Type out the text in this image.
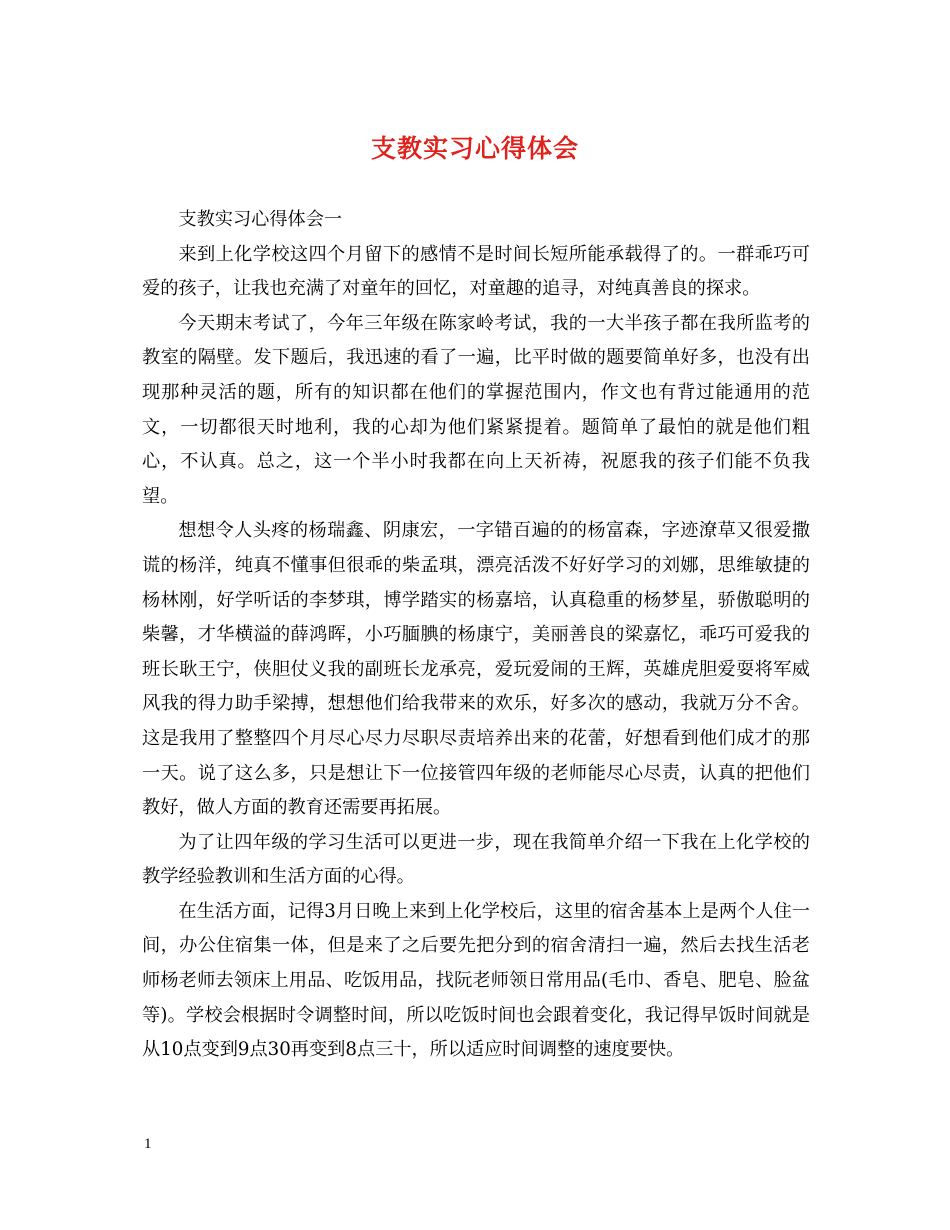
支教实习心得体会

支教实习心得体会一

来到上化学校这四个月留下的感情不是时间长短所能承载得了的。一群乖巧可爱的孩子，让我也充满了对童年的回忆，对童趣的追寻，对纯真善良的探求。

今天期末考试了，今年三年级在陈家岭考试，我的一大半孩子都在我所监考的教室的隔壁。发下题后，我迅速的看了一遍，比平时做的题要简单好多，也没有出现那种灵活的题，所有的知识都在他们的掌握范围内，作文也有背过能通用的范文，一切都很天时地利，我的心却为他们紧紧提着。题简单了最怕的就是他们粗心，不认真。总之，这一个半小时我都在向上天祈祷，祝愿我的孩子们能不负我望。

想想令人头疼的杨瑞鑫、阴康宏，一字错百遍的的杨富森，字迹潦草又很爱撒谎的杨洋，纯真不懂事但很乖的柴孟琪，漂亮活泼不好好学习的刘娜，思维敏捷的杨林刚，好学听话的李梦琪，博学踏实的杨嘉培，认真稳重的杨梦星，骄傲聪明的柴馨，才华横溢的薛鸿晖，小巧腼腆的杨康宁，美丽善良的梁嘉忆，乖巧可爱我的班长耿王宁，侠胆仗义我的副班长龙承亮，爱玩爱闹的王辉，英雄虎胆爱耍将军威风我的得力助手梁搏，想想他们给我带来的欢乐，好多次的感动，我就万分不舍。这是我用了整整四个月尽心尽力尽职尽责培养出来的花蕾，好想看到他们成才的那一天。说了这么多，只是想让下一位接管四年级的老师能尽心尽责，认真的把他们教好，做人方面的教育还需要再拓展。

为了让四年级的学习生活可以更进一步，现在我简单介绍一下我在上化学校的教学经验教训和生活方面的心得。

在生活方面，记得3月日晚上来到上化学校后，这里的宿舍基本上是两个人住一间，办公住宿集一体，但是来了之后要先把分到的宿舍清扫一遍，然后去找生活老师杨老师去领床上用品、吃饭用品，找阮老师领日常用品(毛巾、香皂、肥皂、脸盆等)。学校会根据时令调整时间，所以吃饭时间也会跟着变化，我记得早饭时间就是从10点变到9点30再变到8点三十，所以适应时间调整的速度要快。

1
